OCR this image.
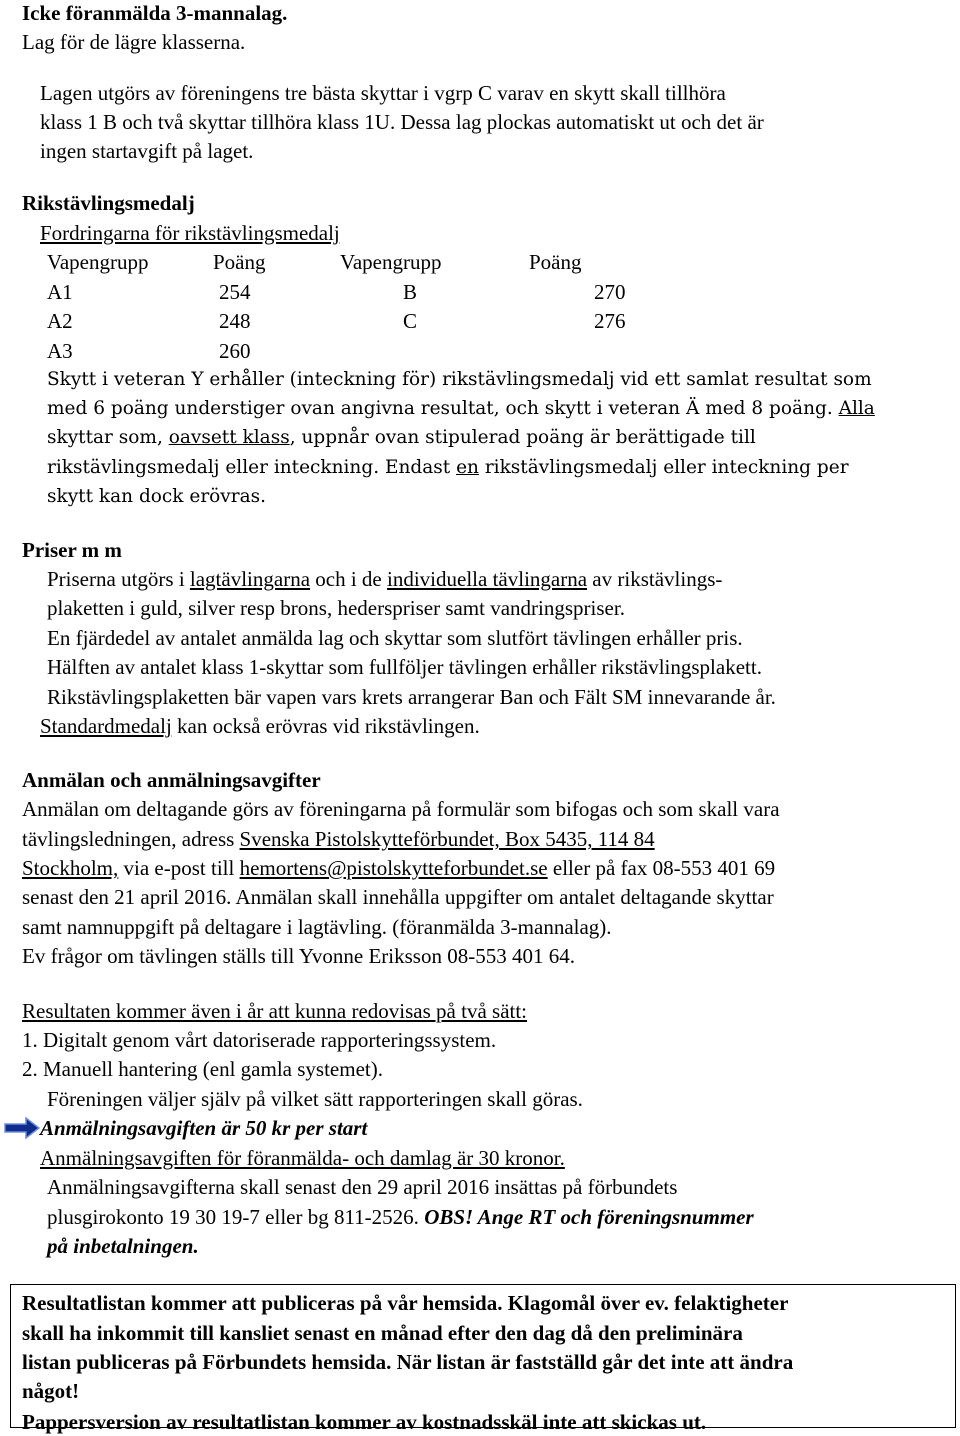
Icke föranmälda 3-mannalag.
Lag för de lägre klasserna.
Lagen utgörs av föreningens tre bästa skyttar i vgrp C varav en skytt skall tillhöra
klass 1 B och två skyttar tillhöra klass 1U. Dessa lag plockas automatiskt ut och det är
ingen startavgift på laget.
Rikstävlingsmedalj
Fordringarna för rikstävlingsmedalj
Vapengrupp	Poäng	Vapengrupp	Poäng
A1	254	B	270
A2	248	C	276
A3	260
Skytt i veteran Y erhåller (inteckning för) rikstävlingsmedalj vid ett samlat resultat som
med 6 poäng understiger ovan angivna resultat, och skytt i veteran Ä med 8 poäng. Alla
skyttar som, oavsett klass, uppnår ovan stipulerad poäng är berättigade till
rikstävlingsmedalj eller inteckning. Endast en rikstävlingsmedalj eller inteckning per
skytt kan dock erövras.
Priser m m
Priserna utgörs i lagtävlingarna och i de individuella tävlingarna av rikstävlings-
plaketten i guld, silver resp brons, hederspriser samt vandringspriser.
En fjärdedel av antalet anmälda lag och skyttar som slutfört tävlingen erhåller pris.
Hälften av antalet klass 1-skyttar som fullföljer tävlingen erhåller rikstävlingsplakett.
Rikstävlingsplaketten bär vapen vars krets arrangerar Ban och Fält SM innevarande år.
Standardmedalj kan också erövras vid rikstävlingen.
Anmälan och anmälningsavgifter
Anmälan om deltagande görs av föreningarna på formulär som bifogas och som skall vara
tävlingsledningen, adress Svenska Pistolskytteförbundet, Box 5435, 114 84
Stockholm, via e-post till hemortens@pistolskytteforbundet.se eller på fax 08-553 401 69
senast den 21 april 2016. Anmälan skall innehålla uppgifter om antalet deltagande skyttar
samt namnuppgift på deltagare i lagtävling. (föranmälda 3-mannalag).
Ev frågor om tävlingen ställs till Yvonne Eriksson 08-553 401 64.
Resultaten kommer även i år att kunna redovisas på två sätt:
1. Digitalt genom vårt datoriserade rapporteringssystem.
2. Manuell hantering (enl gamla systemet).
Föreningen väljer själv på vilket sätt rapporteringen skall göras.
Anmälningsavgiften är 50 kr per start
Anmälningsavgiften för föranmälda- och damlag är 30 kronor.
Anmälningsavgifterna skall senast den 29 april 2016 insättas på förbundets
plusgirokonto 19 30 19-7 eller bg 811-2526. OBS! Ange RT och föreningsnummer
på inbetalningen.
Resultatlistan kommer att publiceras på vår hemsida. Klagomål över ev. felaktigheter
skall ha inkommit till kansliet senast en månad efter den dag då den preliminära
listan publiceras på Förbundets hemsida. När listan är fastställd går det inte att ändra
något!
Pappersversion av resultatlistan kommer av kostnadsskäl inte att skickas ut.
